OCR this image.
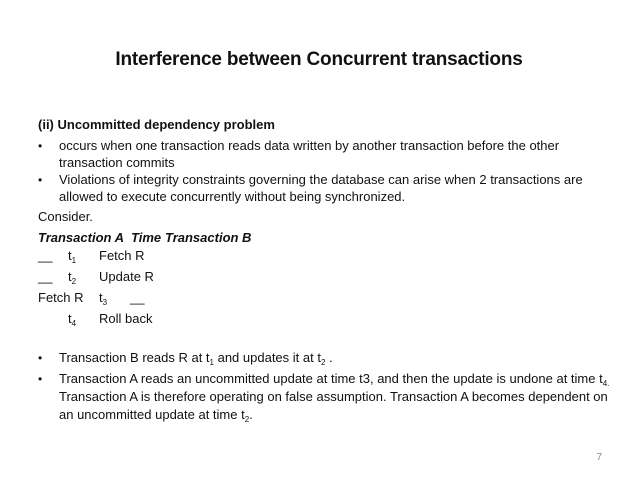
Interference between Concurrent transactions
(ii) Uncommitted dependency problem
• occurs when one transaction reads data written by another transaction before the other
transaction commits
• Violations of integrity constraints governing the database can arise when 2 transactions are
allowed to execute concurrently without being synchronized.
Consider.
Transaction A Time Transaction B
__ $t_1$ Fetch R
__ $t_2$ Update R
Fetch R $t_3$ __
$t_4$ Roll back
• Transaction B reads R at $t_1$ and updates it at $t_2$ .
• Transaction A reads an uncommitted update at time t3, and then the update is undone at time $t_{4.}$
Transaction A is therefore operating on false assumption. Transaction A becomes dependent on
an uncommitted update at time $t_2$.
7
